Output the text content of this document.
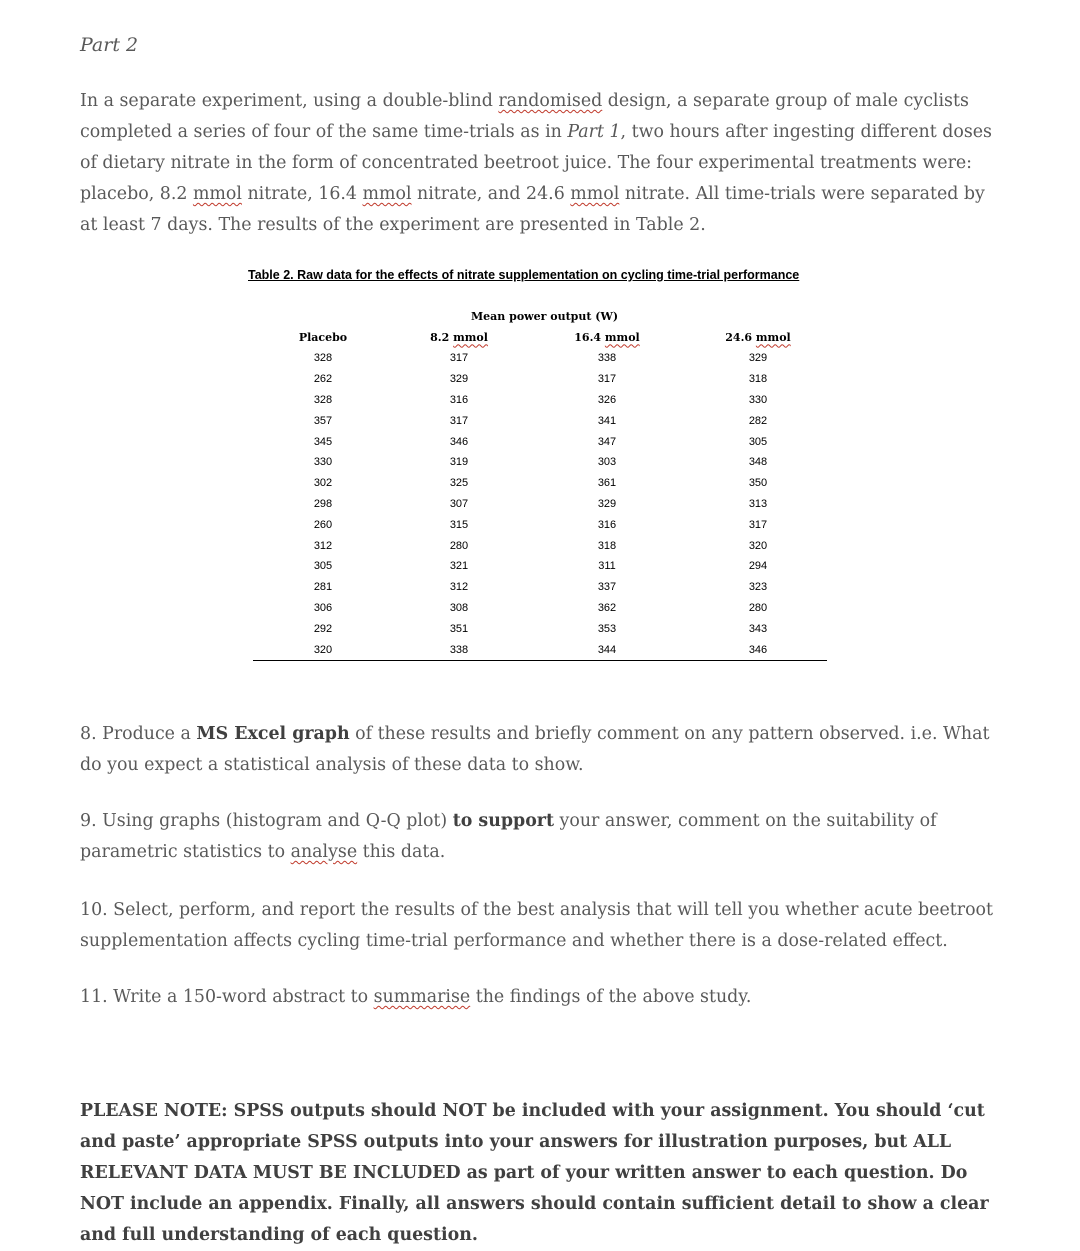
Part 2

In a separate experiment, using a double-blind randomised design, a separate group of male cyclists completed a series of four of the same time-trials as in Part 1, two hours after ingesting different doses of dietary nitrate in the form of concentrated beetroot juice. The four experimental treatments were: placebo, 8.2 mmol nitrate, 16.4 mmol nitrate, and 24.6 mmol nitrate. All time-trials were separated by at least 7 days. The results of the experiment are presented in Table 2.

Table 2. Raw data for the effects of nitrate supplementation on cycling time-trial performance

Mean power output (W)
Placebo	8.2 mmol	16.4 mmol	24.6 mmol
328	317	338	329
262	329	317	318
328	316	326	330
357	317	341	282
345	346	347	305
330	319	303	348
302	325	361	350
298	307	329	313
260	315	316	317
312	280	318	320
305	321	311	294
281	312	337	323
306	308	362	280
292	351	353	343
320	338	344	346

8. Produce a MS Excel graph of these results and briefly comment on any pattern observed. i.e. What do you expect a statistical analysis of these data to show.

9. Using graphs (histogram and Q-Q plot) to support your answer, comment on the suitability of parametric statistics to analyse this data.

10. Select, perform, and report the results of the best analysis that will tell you whether acute beetroot supplementation affects cycling time-trial performance and whether there is a dose-related effect.

11. Write a 150-word abstract to summarise the findings of the above study.

PLEASE NOTE: SPSS outputs should NOT be included with your assignment. You should ‘cut and paste’ appropriate SPSS outputs into your answers for illustration purposes, but ALL RELEVANT DATA MUST BE INCLUDED as part of your written answer to each question. Do NOT include an appendix. Finally, all answers should contain sufficient detail to show a clear and full understanding of each question.
